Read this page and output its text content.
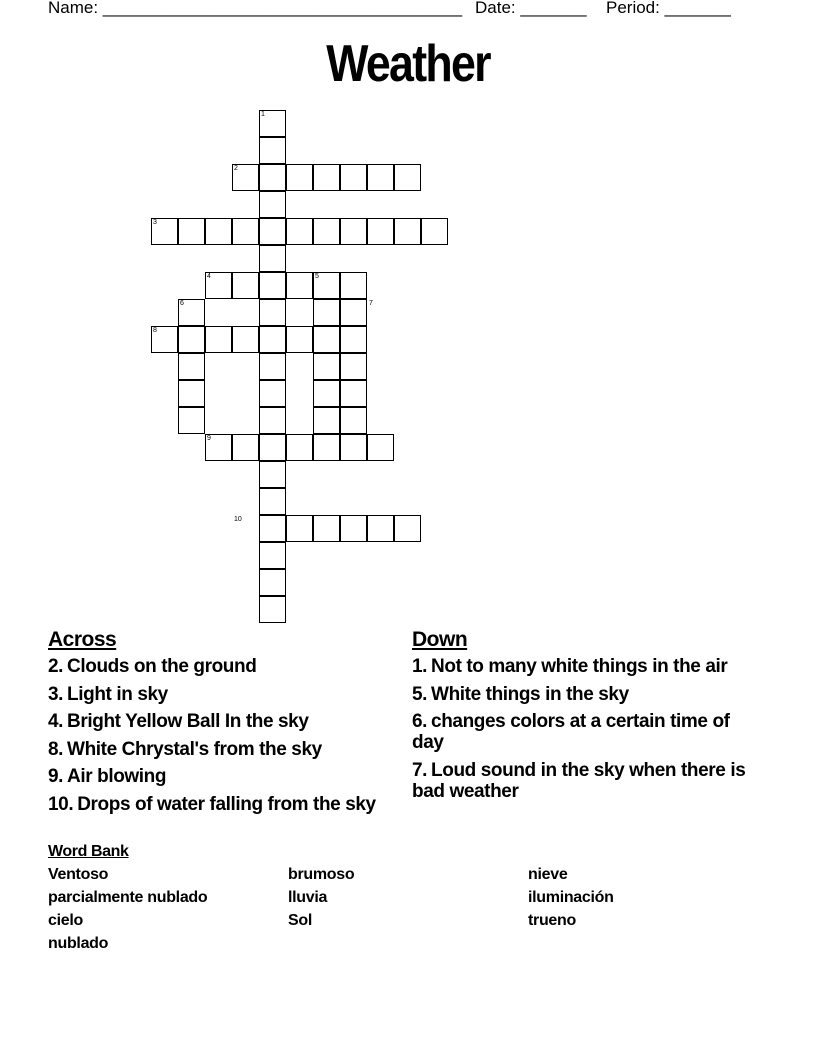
Name: ______________________________________ Date: _______ Period: _______
Weather
1
2
3
4	5
6	7
8
9
10
Across
2. Clouds on the ground
3. Light in sky
4. Bright Yellow Ball In the sky
8. White Chrystal's from the sky
9. Air blowing
10. Drops of water falling from the sky
Down
1. Not to many white things in the air
5. White things in the sky
6. changes colors at a certain time of day
7. Loud sound in the sky when there is bad weather
Word Bank
Ventoso	brumoso	nieve
parcialmente nublado	lluvia	iluminación
cielo	Sol	trueno
nublado
